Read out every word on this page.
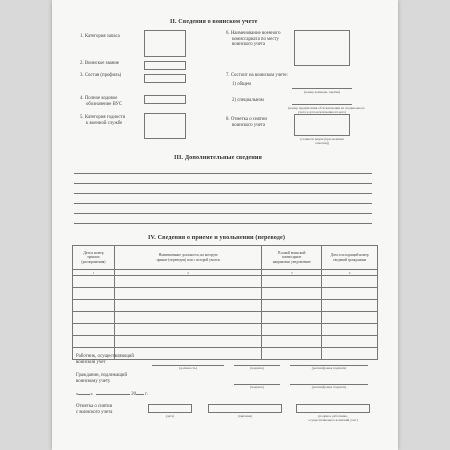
II. Сведения о воинском учете
1. Категория запаса
2. Воинское звание
3. Состав (профиль)
4. Полное кодовое
обозначение ВУС
5. Категория годности
к военной службе
6. Наименование военного
комиссариата по месту
воинского учета
7. Состоит на воинском учете:
1) общем
(номер команды, партии)
2) специальном
(номер предписания об исключении из специального
учета и дата исключения из него)
8. Отметка о снятии
воинского учета
(ставится рядом (при наличии
отметки))
III. Дополнительные сведения
IV. Сведения о приеме и увольнении (переводе)
Дата и номер
приказа
(распоряжения)	Наименование должности, на которую
принят (переведен) или с которой уволен	В какой воинский
комиссариат
направлено уведомление	Дата и исходящий номер
сведений гражданина
1	2	3	4

Работник, осуществляющий
воинский учет
(должность)	(подпись)	(расшифровка подписи)
Гражданин, подлежащий
воинскому учету
(подпись)	(расшифровка подписи)
«	»	20 г.
Отметка о снятии
с воинского учета
(дата)	(причина)	(подпись работника,
осуществляющего воинский учет)
